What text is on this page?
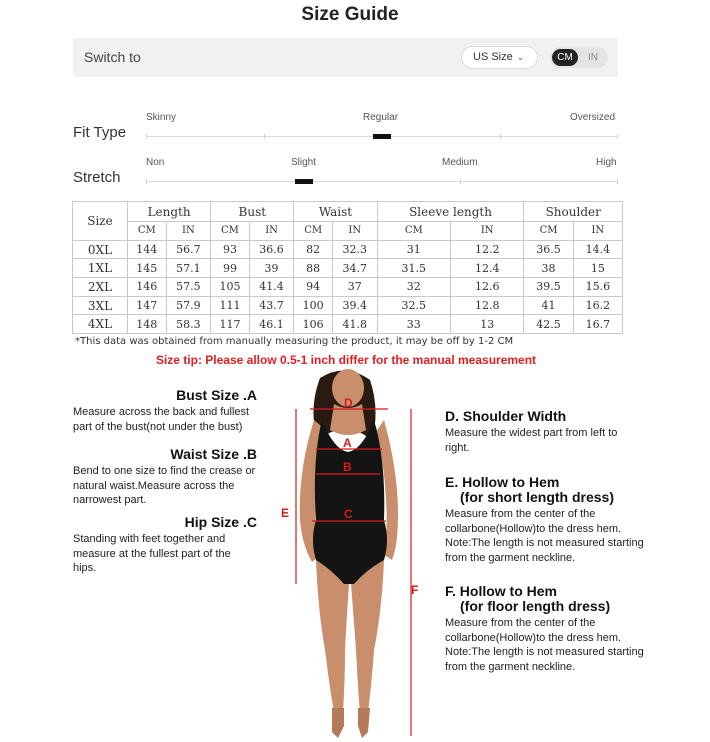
Size Guide
Switch to	US Size ⌄	CM	IN
Fit Type
Skinny	Regular	Oversized
Stretch
Non	Slight	Medium	High
Size	Length		Bust		Waist		Sleeve length		Shoulder	
	CM	IN	CM	IN	CM	IN	CM	IN	CM	IN
0XL	144	56.7	93	36.6	82	32.3	31	12.2	36.5	14.4
1XL	145	57.1	99	39	88	34.7	31.5	12.4	38	15
2XL	146	57.5	105	41.4	94	37	32	12.6	39.5	15.6
3XL	147	57.9	111	43.7	100	39.4	32.5	12.8	41	16.2
4XL	148	58.3	117	46.1	106	41.8	33	13	42.5	16.7
*This data was obtained from manually measuring the product, it may be off by 1-2 CM
Size tip: Please allow 0.5-1 inch differ for the manual measurement
Bust Size .A
Measure across the back and fullest part of the bust(not under the bust)
Waist Size .B
Bend to one size to find the crease or natural waist.Measure across the narrowest part.
Hip Size .C
Standing with feet together and measure at the fullest part of the hips.
D. Shoulder Width
Measure the widest part from left to right.
E. Hollow to Hem
(for short length dress)
Measure from the center of the collarbone(Hollow)to the dress hem. Note:The length is not measured starting from the garment neckline.
F. Hollow to Hem
(for floor length dress)
Measure from the center of the collarbone(Hollow)to the dress hem. Note:The length is not measured starting from the garment neckline.
D
A
B
C
E
F
